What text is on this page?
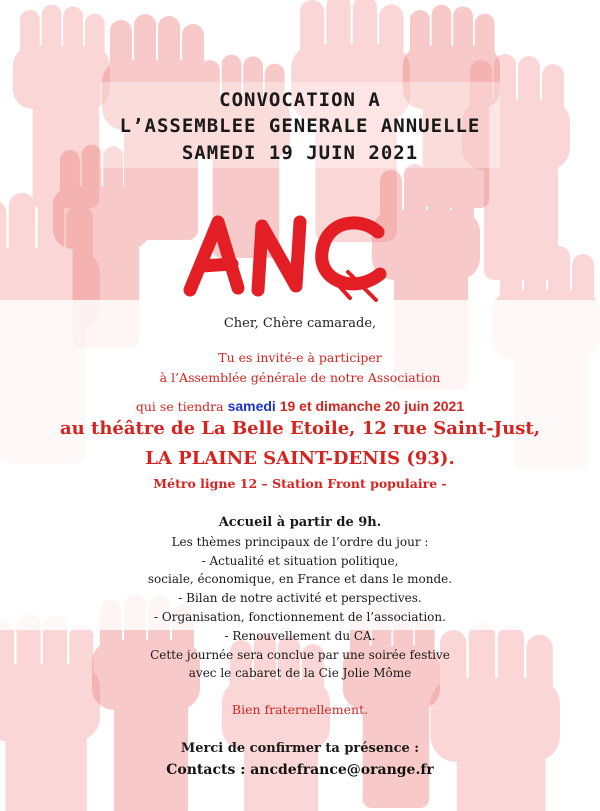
CONVOCATION A
L’ASSEMBLEE GENERALE ANNUELLE
SAMEDI 19 JUIN 2021
Cher, Chère camarade,
Tu es invité-e à participer
à l’Assemblée générale de notre Association
qui se tiendra samedi 19 et dimanche 20 juin 2021
au théâtre de La Belle Etoile, 12 rue Saint-Just,
LA PLAINE SAINT-DENIS (93).
Métro ligne 12 – Station Front populaire -
Accueil à partir de 9h.
Les thèmes principaux de l’ordre du jour :
- Actualité et situation politique,
sociale, économique, en France et dans le monde.
- Bilan de notre activité et perspectives.
- Organisation, fonctionnement de l’association.
- Renouvellement du CA.
Cette journée sera conclue par une soirée festive
avec le cabaret de la Cie Jolie Môme
Bien fraternellement.
Merci de confirmer ta présence :
Contacts : ancdefrance@orange.fr
